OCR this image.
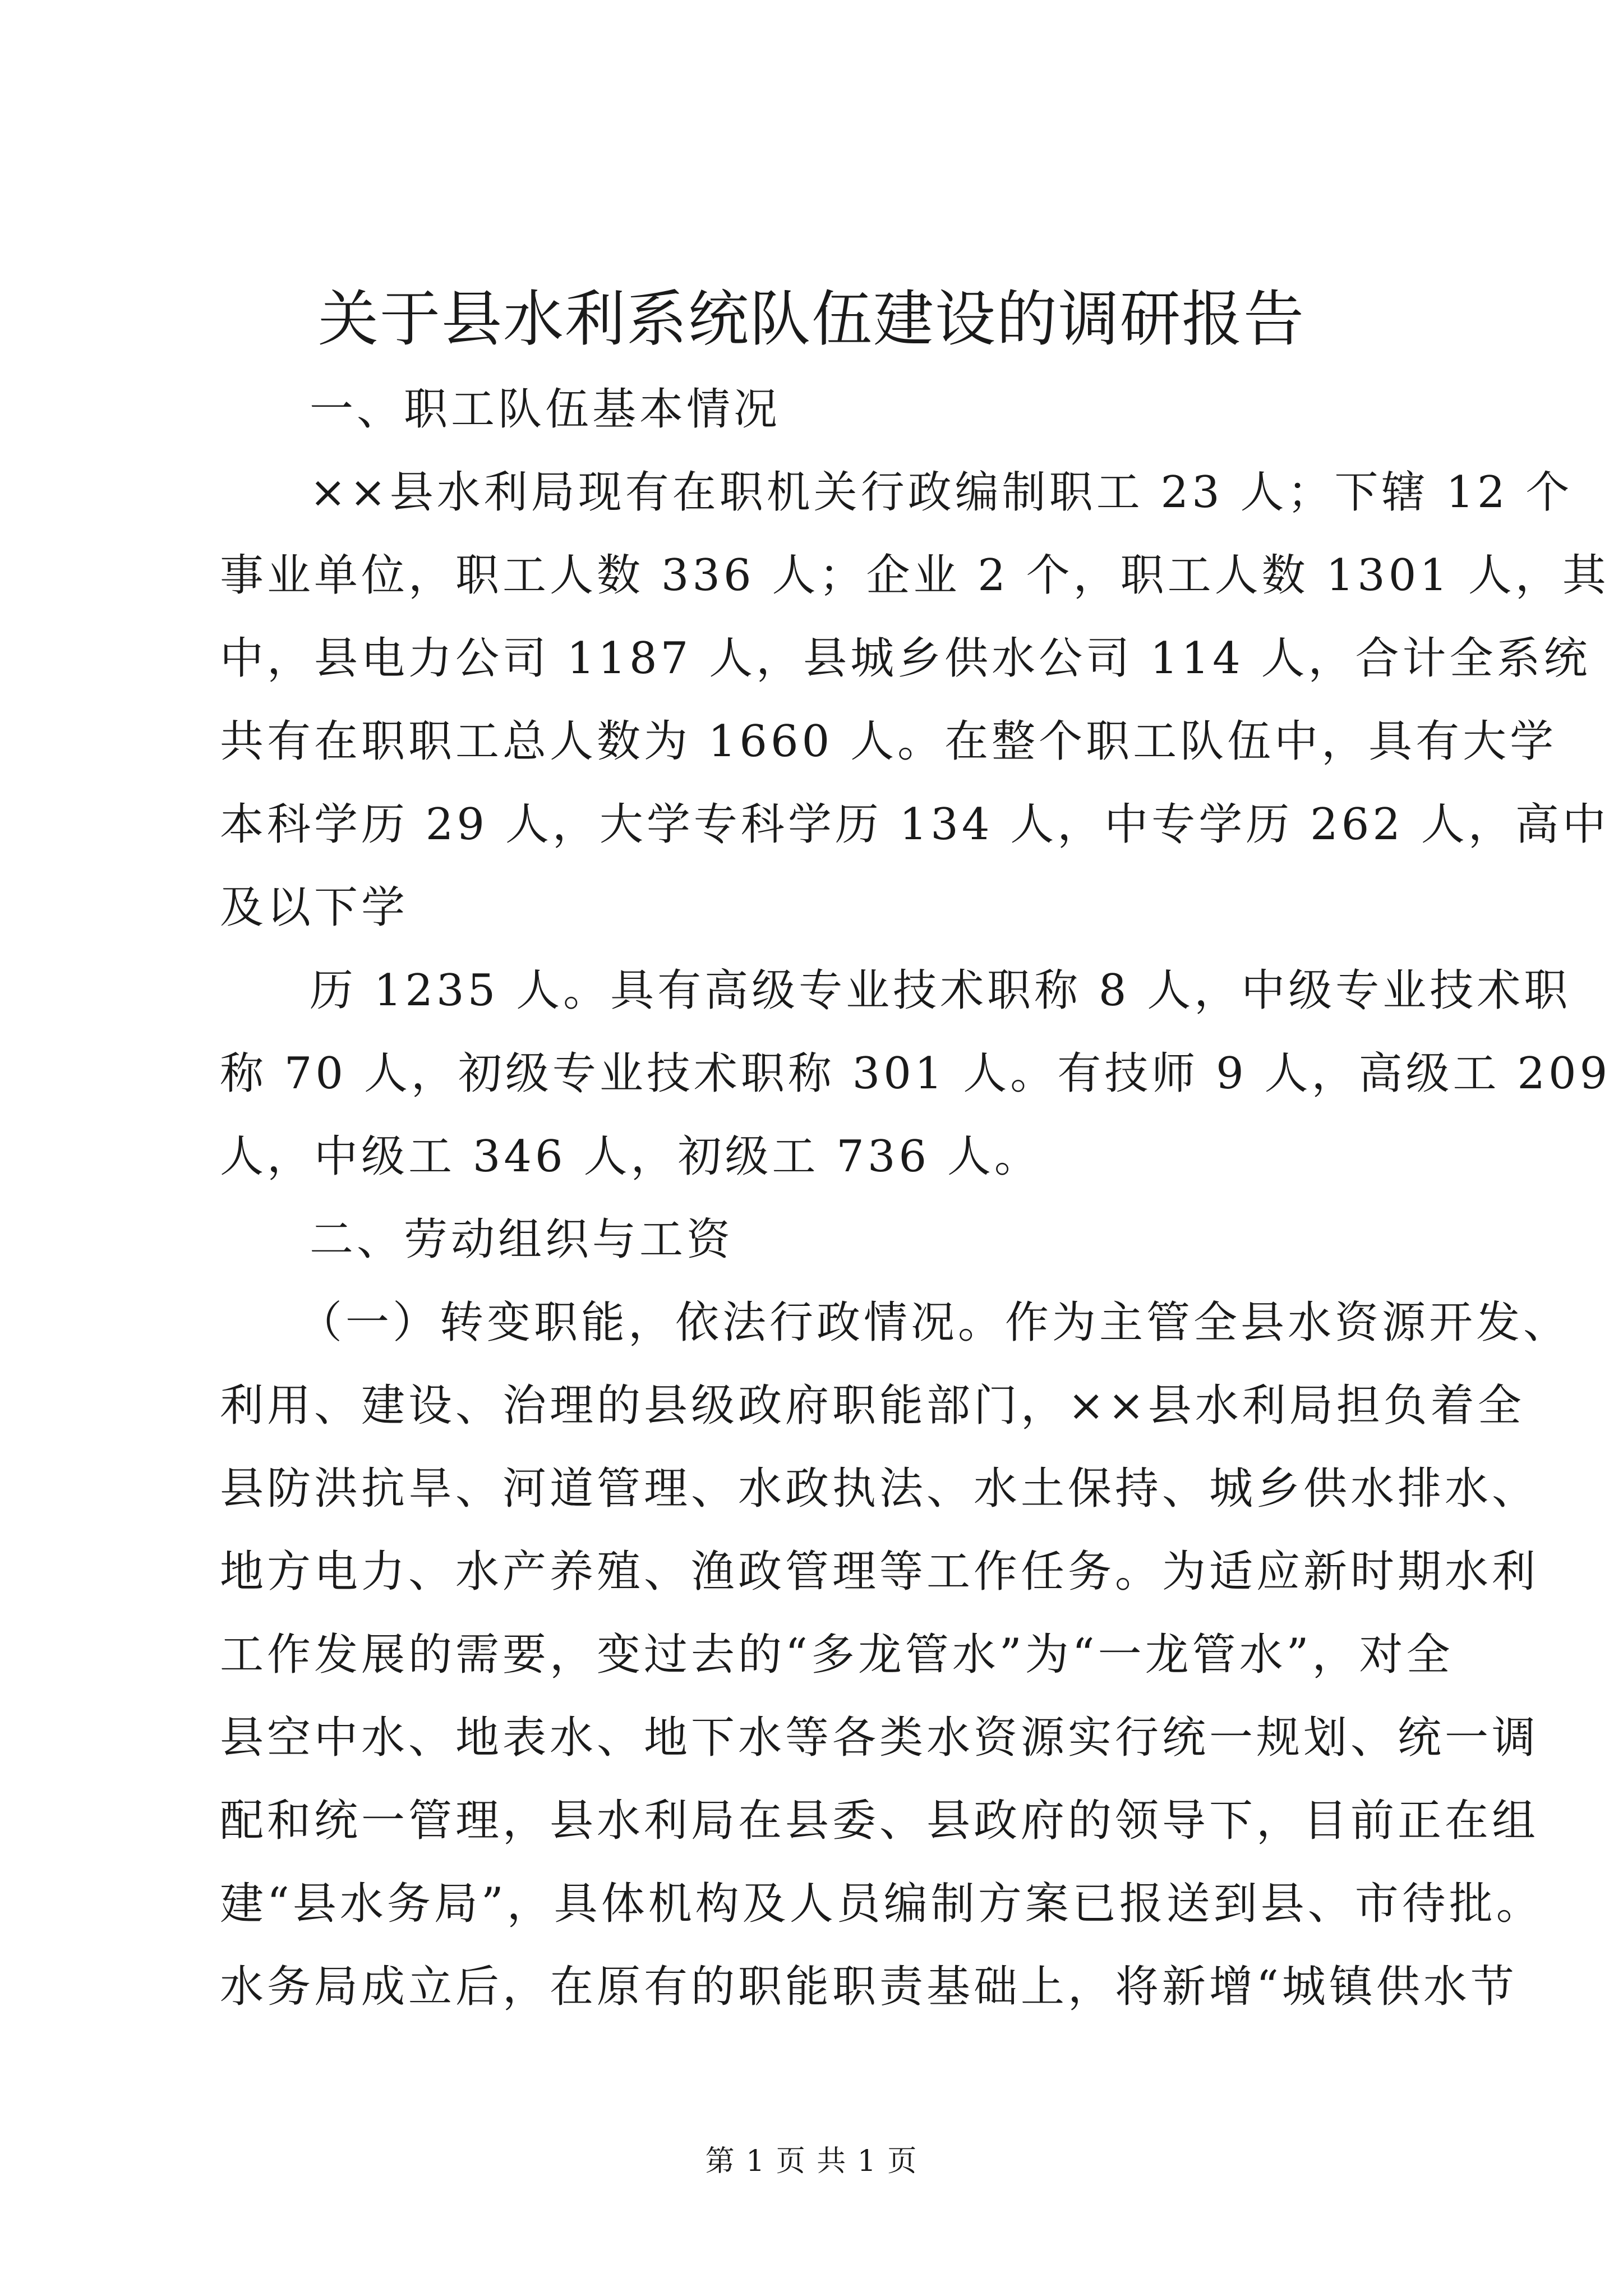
关于县水利系统队伍建设的调研报告
一、职工队伍基本情况
××县水利局现有在职机关行政编制职工 23 人；下辖 12 个
事业单位，职工人数 336 人；企业 2 个，职工人数 1301 人，其
中，县电力公司 1187 人，县城乡供水公司 114 人，合计全系统
共有在职职工总人数为 1660 人。在整个职工队伍中，具有大学
本科学历 29 人，大学专科学历 134 人，中专学历 262 人，高中
及以下学
历 1235 人。具有高级专业技术职称 8 人，中级专业技术职
称 70 人，初级专业技术职称 301 人。有技师 9 人，高级工 209
人，中级工 346 人，初级工 736 人。
二、劳动组织与工资
（一）转变职能，依法行政情况。作为主管全县水资源开发、
利用、建设、治理的县级政府职能部门，××县水利局担负着全
县防洪抗旱、河道管理、水政执法、水土保持、城乡供水排水、
地方电力、水产养殖、渔政管理等工作任务。为适应新时期水利
工作发展的需要，变过去的“多龙管水”为“一龙管水”，对全
县空中水、地表水、地下水等各类水资源实行统一规划、统一调
配和统一管理，县水利局在县委、县政府的领导下，目前正在组
建“县水务局”，具体机构及人员编制方案已报送到县、市待批。
水务局成立后，在原有的职能职责基础上，将新增“城镇供水节
第 1 页 共 1 页
